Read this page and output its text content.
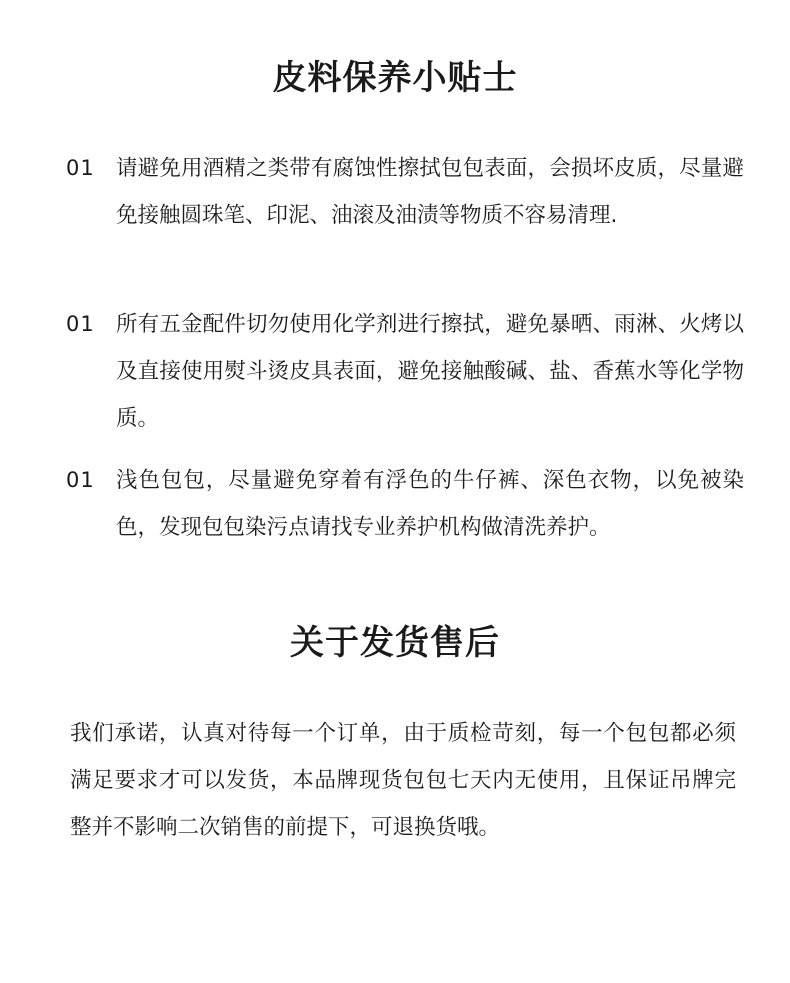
皮料保养小贴士
01 请避免用酒精之类带有腐蚀性擦拭包包表面，会损坏皮质，尽量避免接触圆珠笔、印泥、油滚及油渍等物质不容易清理.

01 所有五金配件切勿使用化学剂进行擦拭，避免暴晒、雨淋、火烤以及直接使用熨斗烫皮具表面，避免接触酸碱、盐、香蕉水等化学物质。

01 浅色包包，尽量避免穿着有浮色的牛仔裤、深色衣物，以免被染色，发现包包染污点请找专业养护机构做清洗养护。

关于发货售后

我们承诺，认真对待每一个订单，由于质检苛刻，每一个包包都必须满足要求才可以发货，本品牌现货包包七天内无使用，且保证吊牌完整并不影响二次销售的前提下，可退换货哦。
